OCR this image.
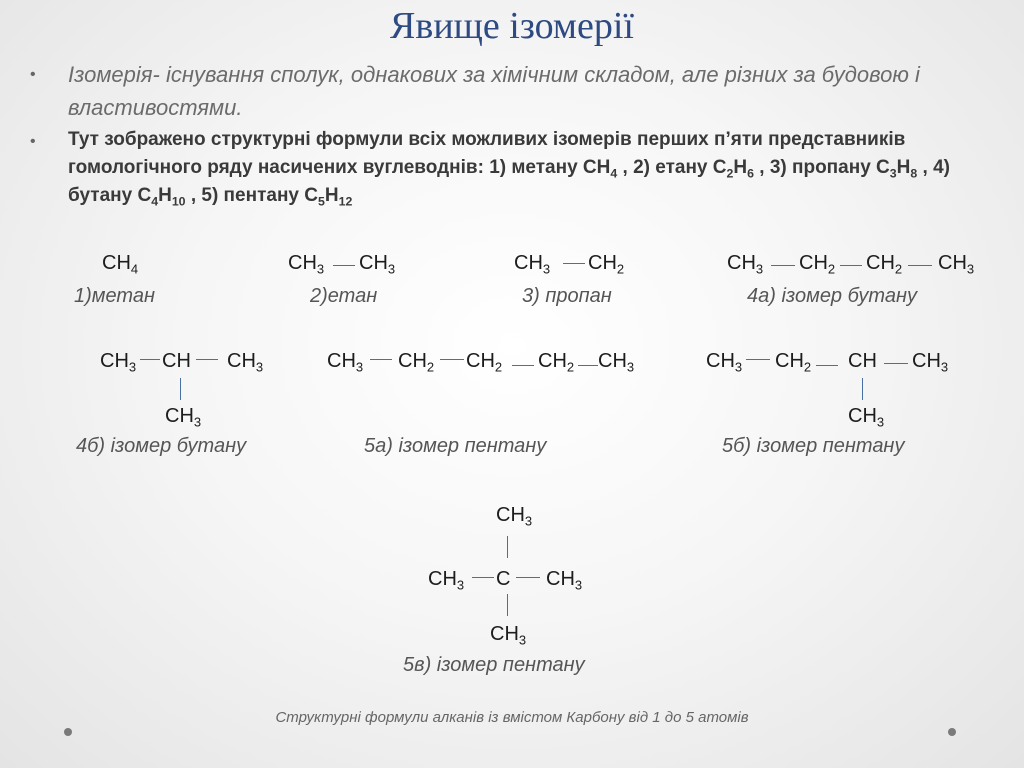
Явище ізомерії
• Ізомерія- існування сполук, однакових за хімічним складом, але різних за будовою і властивостями.
• Тут зображено структурні формули всіх можливих ізомерів перших п’яти представників гомологічного ряду насичених вуглеводнів: 1) метану $CH_4$ , 2) етану $C_2H_6$ , 3) пропану $C_3H_8$ , 4) бутану $C_4H_{10}$ , 5) пентану $C_5H_{12}$
$CH_4$	$CH_3$ $CH_3$	$CH_3$ $CH_2$	$CH_3$ $CH_2$ $CH_2$ $CH_3$
1)метан	2)етан	3) пропан	4а) ізомер бутану
$CH_3$ CH $CH_3$
$CH_3$
4б) ізомер бутану
$CH_3$ $CH_2$ $CH_2$ $CH_2$ $CH_3$
5а) ізомер пентану
$CH_3$ $CH_2$ CH $CH_3$
$CH_3$
5б) ізомер пентану
$CH_3$
$CH_3$ C $CH_3$
$CH_3$
5в) ізомер пентану
Структурні формули алканів із вмістом Карбону від 1 до 5 атомів
